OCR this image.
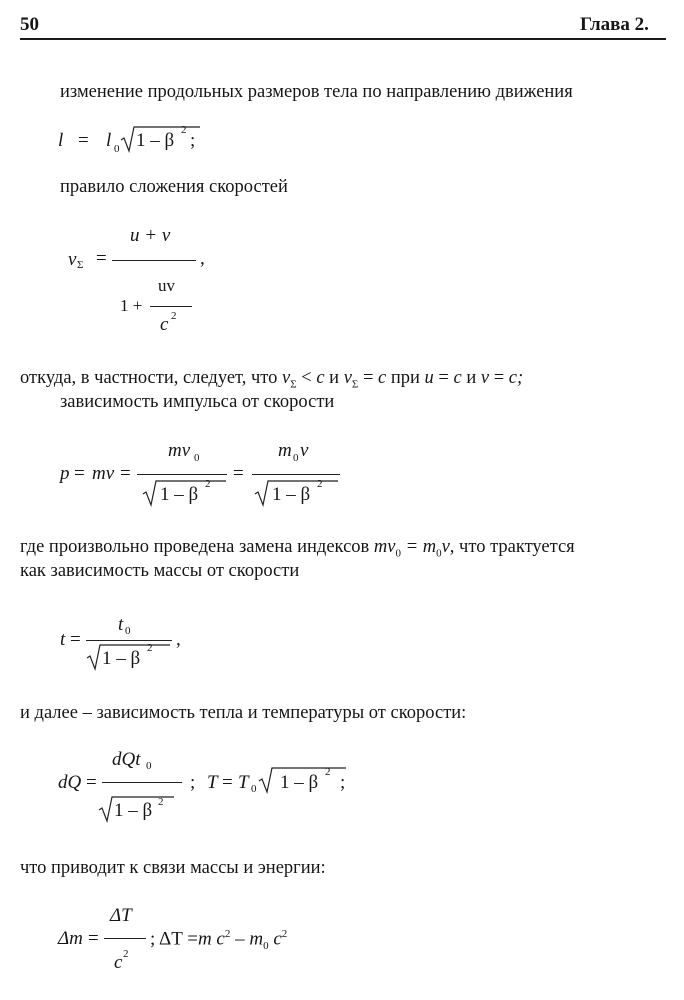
50	Глава 2.
изменение продольных размеров тела по направлению движения
l = l 0 1 – β 2 ;
правило сложения скоростей
u + v
v Σ =	,
uv
1 +
c 2
откуда, в частности, следует, что $v_\Sigma < c$ и $v_\Sigma = c$ при u = c и v = c;
зависимость импульса от скорости
p = mv =
mv 0
1 – β 2 =
m 0 v
1 – β 2
где произвольно проведена замена индексов $mv_0 = m_0v$, что трактуется
как зависимость массы от скорости
t 0
t =
1 – β 2 ,
и далее – зависимость тепла и температуры от скорости:
dQt 0
dQ =
1 – β 2
; T = T 0 1 – β 2 ;
что приводит к связи массы и энергии:
ΔT
Δm =
c 2
; ΔT =m $c^2 - m_0$ $c^2$
